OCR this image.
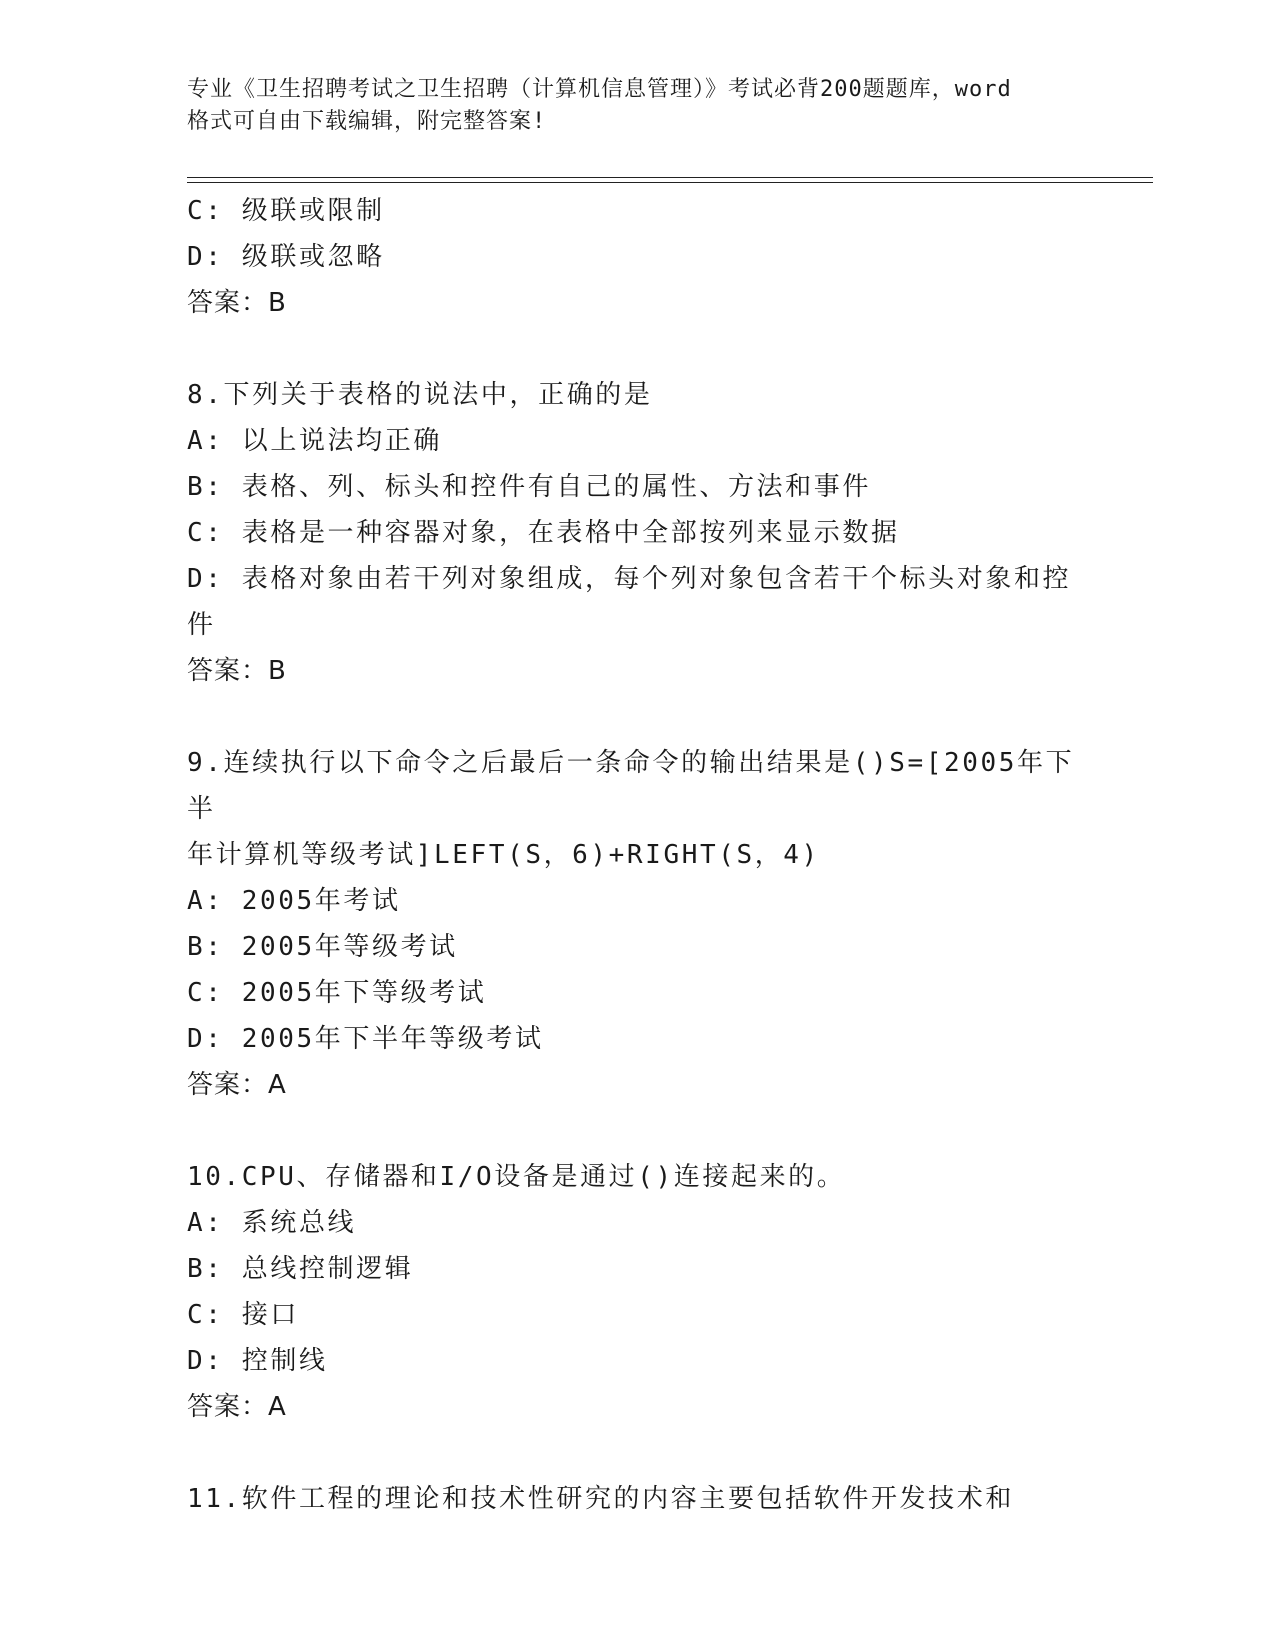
专业《卫生招聘考试之卫生招聘（计算机信息管理）》考试必背200题题库，word
格式可自由下载编辑，附完整答案!
C: 级联或限制
D: 级联或忽略
答案：B
8.下列关于表格的说法中，正确的是
A: 以上说法均正确
B: 表格、列、标头和控件有自己的属性、方法和事件
C: 表格是一种容器对象，在表格中全部按列来显示数据
D: 表格对象由若干列对象组成，每个列对象包含若干个标头对象和控
件
答案：B
9.连续执行以下命令之后最后一条命令的输出结果是()S=[2005年下半
年计算机等级考试]LEFT(S，6)+RIGHT(S，4)
A: 2005年考试
B: 2005年等级考试
C: 2005年下等级考试
D: 2005年下半年等级考试
答案：A
10.CPU、存储器和I/O设备是通过()连接起来的。
A: 系统总线
B: 总线控制逻辑
C: 接口
D: 控制线
答案：A
11.软件工程的理论和技术性研究的内容主要包括软件开发技术和
